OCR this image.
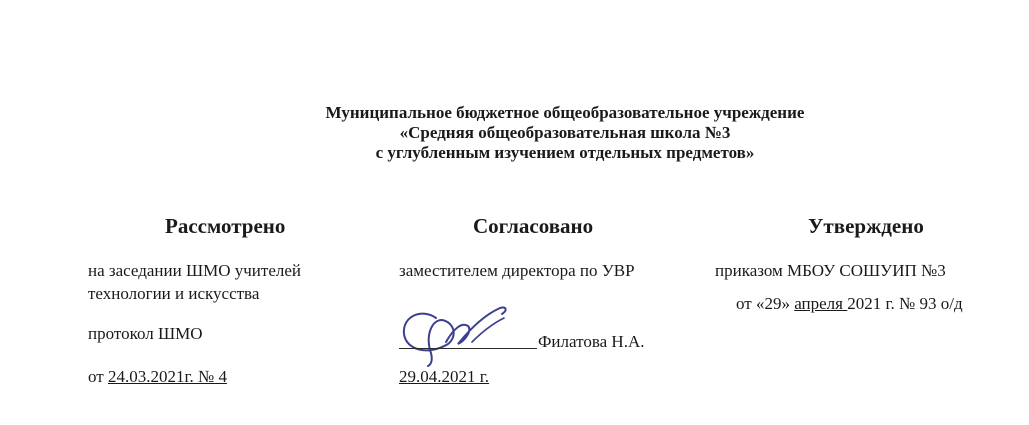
Муниципальное бюджетное общеобразовательное учреждение
«Средняя общеобразовательная школа №3
с углубленным изучением отдельных предметов»
Рассмотрено	Согласовано	Утверждено
на заседании ШМО учителей
технологии и искусства
протокол ШМО
от 24.03.2021г. № 4
заместителем директора по УВР
Филатова Н.А.
29.04.2021 г.
приказом МБОУ СОШУИП №3
от «29» апреля 2021 г. № 93 о/д
